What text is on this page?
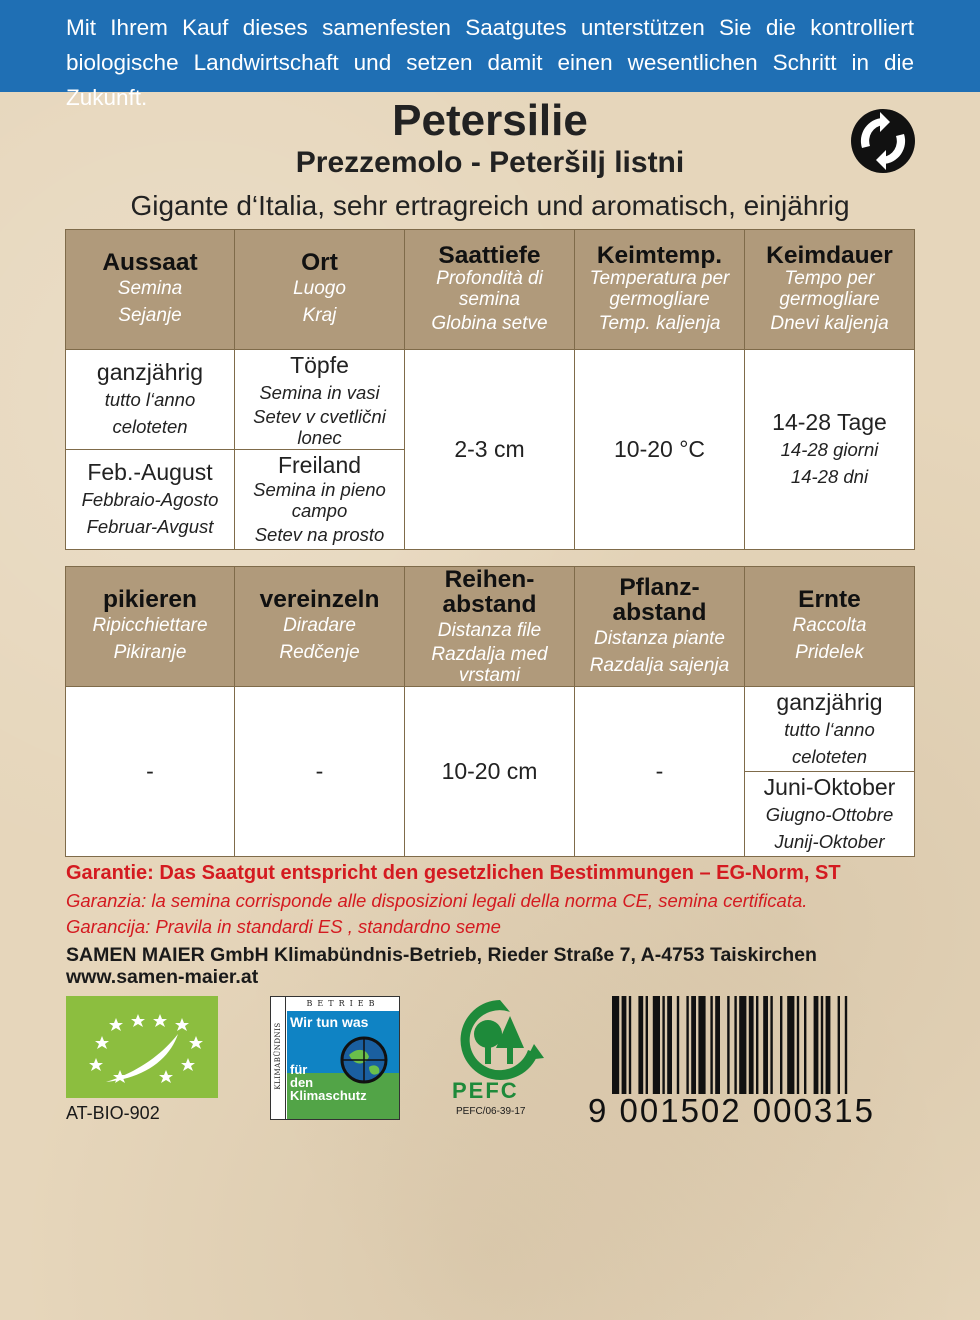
Mit Ihrem Kauf dieses samenfesten Saatgutes unterstützen Sie die kontrolliert
biologische Landwirtschaft und setzen damit einen wesentlichen Schritt in die Zukunft.	Petersilie
Prezzemolo - Peteršilj listni
Gigante d‘Italia, sehr ertragreich und aromatisch, einjährig
Aussaat
Semina
Sejanje	Ort
Luogo
Kraj	Saattiefe
Profondità di semina
Globina setve	Keimtemp.
Temperatura per germogliare
Temp. kaljenja	Keimdauer
Tempo per germogliare
Dnevi kaljenja

ganzjährig
tutto l‘anno
celoteten	Töpfe
Semina in vasi
Setev v cvetlični lonec	2-3 cm	10-20 °C	14-28 Tage
14-28 giorni
14-28 dni

Feb.-August
Febbraio-Agosto
Februar-Avgust	Freiland
Semina in pieno campo
Setev na prosto			
pikieren
Ripicchiettare
Pikiranje	vereinzeln
Diradare
Redčenje	Reihen-abstand
Distanza file
Razdalja med vrstami	Pflanz-abstand
Distanza piante
Razdalja sajenja	Ernte
Raccolta
Pridelek

-	-	10-20 cm	-	ganzjährig
tutto l‘anno
celoteten

				Juni-Oktober
Giugno-Ottobre
Junij-Oktober
Garantie: Das Saatgut entspricht den gesetzlichen Bestimmungen – EG-Norm, ST
Garanzia: la semina corrisponde alle disposizioni legali della norma CE, semina certificata.
Garancija: Pravila in standardi ES , standardno seme
SAMEN MAIER GmbH Klimabündnis-Betrieb, Rieder Straße 7, A-4753 Taiskirchen
www.samen-maier.at
AT-BIO-902
KLIMABÜNDNIS
BETRIEB
Wir tun was
für
den
Klimaschutz	PEFC
PEFC/06-39-17 9 001502 000315
